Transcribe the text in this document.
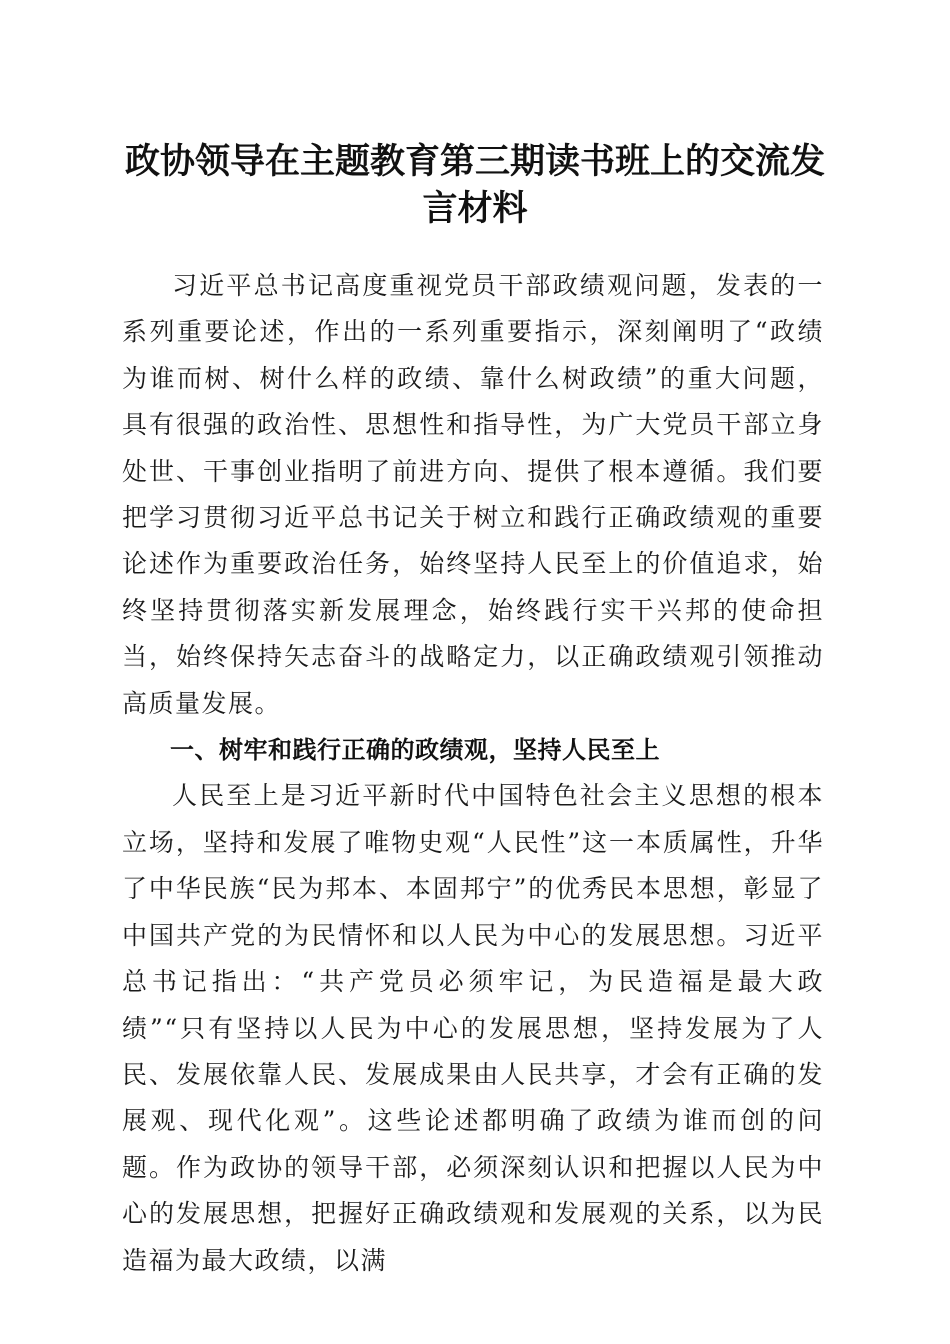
政协领导在主题教育第三期读书班上的交流发言材料

习近平总书记高度重视党员干部政绩观问题，发表的一系列重要论述，作出的一系列重要指示，深刻阐明了“政绩为谁而树、树什么样的政绩、靠什么树政绩”的重大问题，具有很强的政治性、思想性和指导性，为广大党员干部立身处世、干事创业指明了前进方向、提供了根本遵循。我们要把学习贯彻习近平总书记关于树立和践行正确政绩观的重要论述作为重要政治任务，始终坚持人民至上的价值追求，始终坚持贯彻落实新发展理念，始终践行实干兴邦的使命担当，始终保持矢志奋斗的战略定力，以正确政绩观引领推动高质量发展。

一、树牢和践行正确的政绩观，坚持人民至上

人民至上是习近平新时代中国特色社会主义思想的根本立场，坚持和发展了唯物史观“人民性”这一本质属性，升华了中华民族“民为邦本、本固邦宁”的优秀民本思想，彰显了中国共产党的为民情怀和以人民为中心的发展思想。习近平总书记指出：“共产党员必须牢记，为民造福是最大政绩”“只有坚持以人民为中心的发展思想，坚持发展为了人民、发展依靠人民、发展成果由人民共享，才会有正确的发展观、现代化观”。这些论述都明确了政绩为谁而创的问题。作为政协的领导干部，必须深刻认识和把握以人民为中心的发展思想，把握好正确政绩观和发展观的关系，以为民造福为最大政绩，以满
